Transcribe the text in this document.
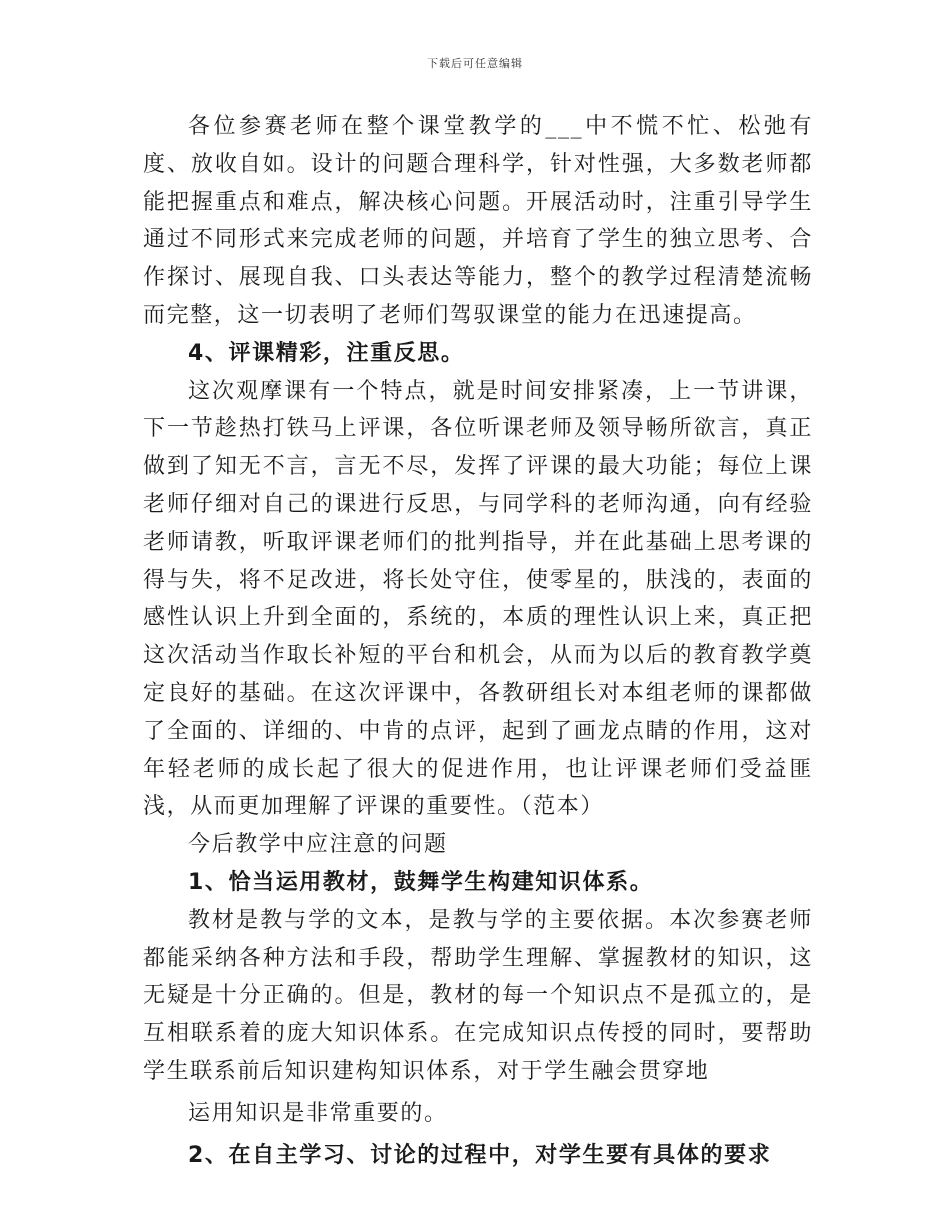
下载后可任意编辑

各位参赛老师在整个课堂教学的___中不慌不忙、松弛有度、放收自如。设计的问题合理科学，针对性强，大多数老师都能把握重点和难点，解决核心问题。开展活动时，注重引导学生通过不同形式来完成老师的问题，并培育了学生的独立思考、合作探讨、展现自我、口头表达等能力，整个的教学过程清楚流畅而完整，这一切表明了老师们驾驭课堂的能力在迅速提高。

4、评课精彩，注重反思。

这次观摩课有一个特点，就是时间安排紧凑，上一节讲课，下一节趁热打铁马上评课，各位听课老师及领导畅所欲言，真正做到了知无不言，言无不尽，发挥了评课的最大功能；每位上课老师仔细对自己的课进行反思，与同学科的老师沟通，向有经验老师请教，听取评课老师们的批判指导，并在此基础上思考课的得与失，将不足改进，将长处守住，使零星的，肤浅的，表面的感性认识上升到全面的，系统的，本质的理性认识上来，真正把这次活动当作取长补短的平台和机会，从而为以后的教育教学奠定良好的基础。在这次评课中，各教研组长对本组老师的课都做了全面的、详细的、中肯的点评，起到了画龙点睛的作用，这对年轻老师的成长起了很大的促进作用，也让评课老师们受益匪浅，从而更加理解了评课的重要性。（范本）

今后教学中应注意的问题

1、恰当运用教材，鼓舞学生构建知识体系。

教材是教与学的文本，是教与学的主要依据。本次参赛老师都能采纳各种方法和手段，帮助学生理解、掌握教材的知识，这无疑是十分正确的。但是，教材的每一个知识点不是孤立的，是互相联系着的庞大知识体系。在完成知识点传授的同时，要帮助学生联系前后知识建构知识体系，对于学生融会贯穿地

运用知识是非常重要的。

2、在自主学习、讨论的过程中，对学生要有具体的要求
